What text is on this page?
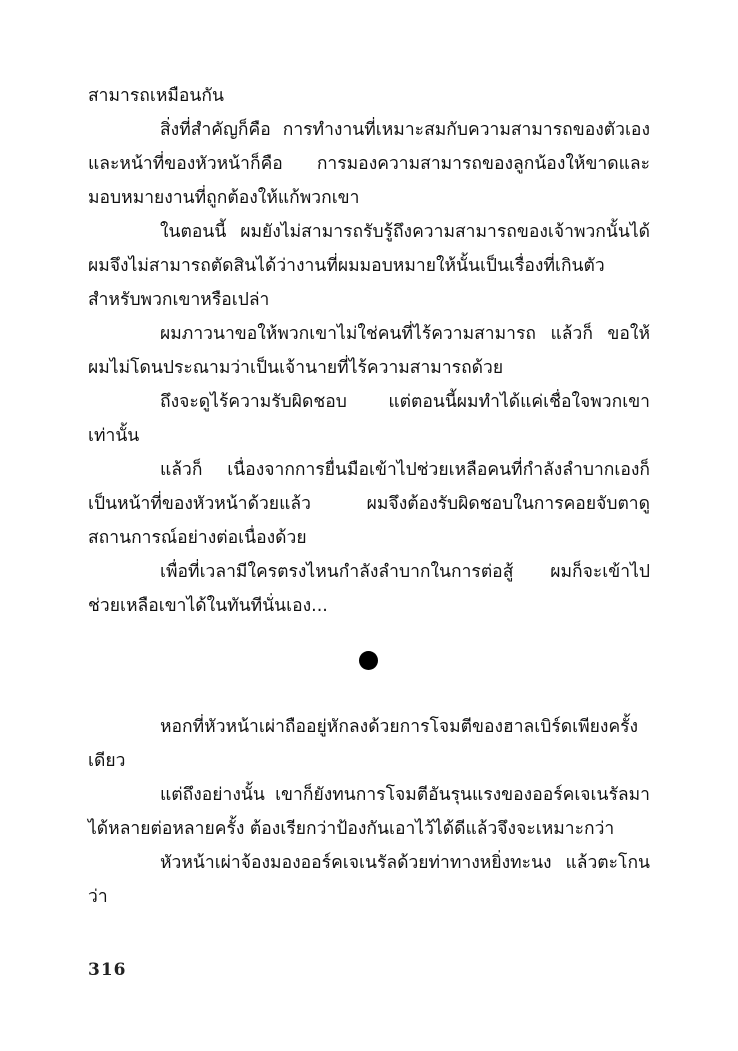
สามารถเหมือนกัน

สิ่งที่สำคัญก็คือ การทำงานที่เหมาะสมกับความสามารถของตัวเอง และหน้าที่ของหัวหน้าก็คือ การมองความสามารถของลูกน้องให้ขาดและมอบหมายงานที่ถูกต้องให้แก้พวกเขา

ในตอนนี้ ผมยังไม่สามารถรับรู้ถึงความสามารถของเจ้าพวกนั้นได้ ผมจึงไม่สามารถตัดสินได้ว่างานที่ผมมอบหมายให้นั้นเป็นเรื่องที่เกินตัวสำหรับพวกเขาหรือเปล่า

ผมภาวนาขอให้พวกเขาไม่ใช่คนที่ไร้ความสามารถ แล้วก็ ขอให้ผมไม่โดนประณามว่าเป็นเจ้านายที่ไร้ความสามารถด้วย

ถึงจะดูไร้ความรับผิดชอบ แต่ตอนนี้ผมทำได้แค่เชื่อใจพวกเขาเท่านั้น

แล้วก็ เนื่องจากการยื่นมือเข้าไปช่วยเหลือคนที่กำลังลำบากเองก็เป็นหน้าที่ของหัวหน้าด้วยแล้ว ผมจึงต้องรับผิดชอบในการคอยจับตาดูสถานการณ์อย่างต่อเนื่องด้วย

เพื่อที่เวลามีใครตรงไหนกำลังลำบากในการต่อสู้ ผมก็จะเข้าไปช่วยเหลือเขาได้ในทันทีนั่นเอง...

หอกที่หัวหน้าเผ่าถืออยู่หักลงด้วยการโจมตีของฮาลเบิร์ดเพียงครั้งเดียว

แต่ถึงอย่างนั้น เขาก็ยังทนการโจมตีอันรุนแรงของออร์คเจเนรัลมาได้หลายต่อหลายครั้ง ต้องเรียกว่าป้องกันเอาไว้ได้ดีแล้วจึงจะเหมาะกว่า

หัวหน้าเผ่าจ้องมองออร์คเจเนรัลด้วยท่าทางหยิ่งทะนง แล้วตะโกนว่า

316
